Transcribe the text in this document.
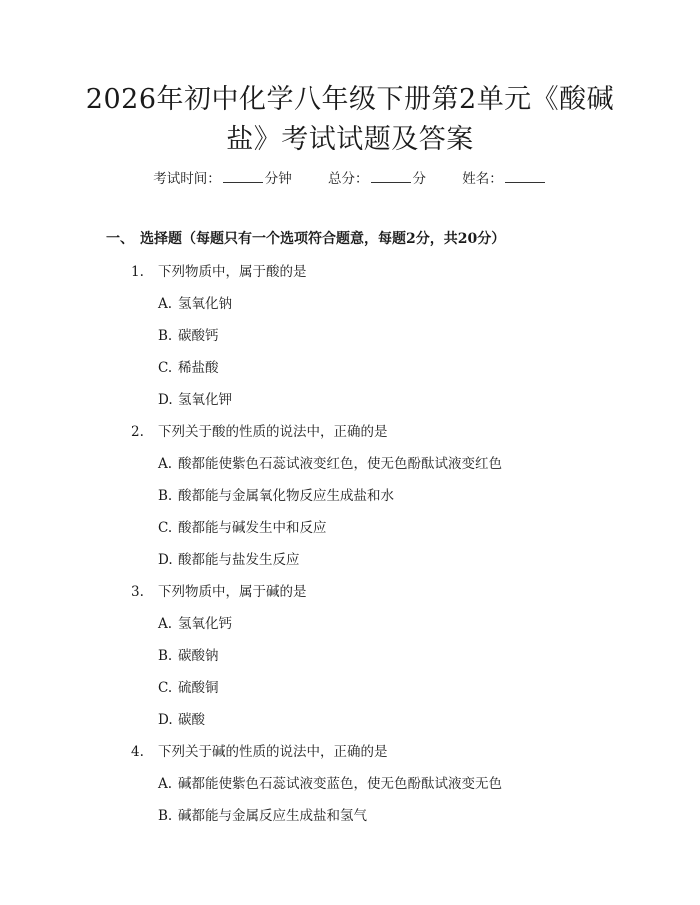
2026年初中化学八年级下册第2单元《酸碱
盐》考试试题及答案
考试时间：	分钟	总分：	分	姓名：
一、 选择题（每题只有一个选项符合题意，每题2分，共20分）
1. 下列物质中，属于酸的是
A. 氢氧化钠
B. 碳酸钙
C. 稀盐酸
D. 氢氧化钾
2. 下列关于酸的性质的说法中，正确的是
A. 酸都能使紫色石蕊试液变红色，使无色酚酞试液变红色
B. 酸都能与金属氧化物反应生成盐和水
C. 酸都能与碱发生中和反应
D. 酸都能与盐发生反应
3. 下列物质中，属于碱的是
A. 氢氧化钙
B. 碳酸钠
C. 硫酸铜
D. 碳酸
4. 下列关于碱的性质的说法中，正确的是
A. 碱都能使紫色石蕊试液变蓝色，使无色酚酞试液变无色
B. 碱都能与金属反应生成盐和氢气
